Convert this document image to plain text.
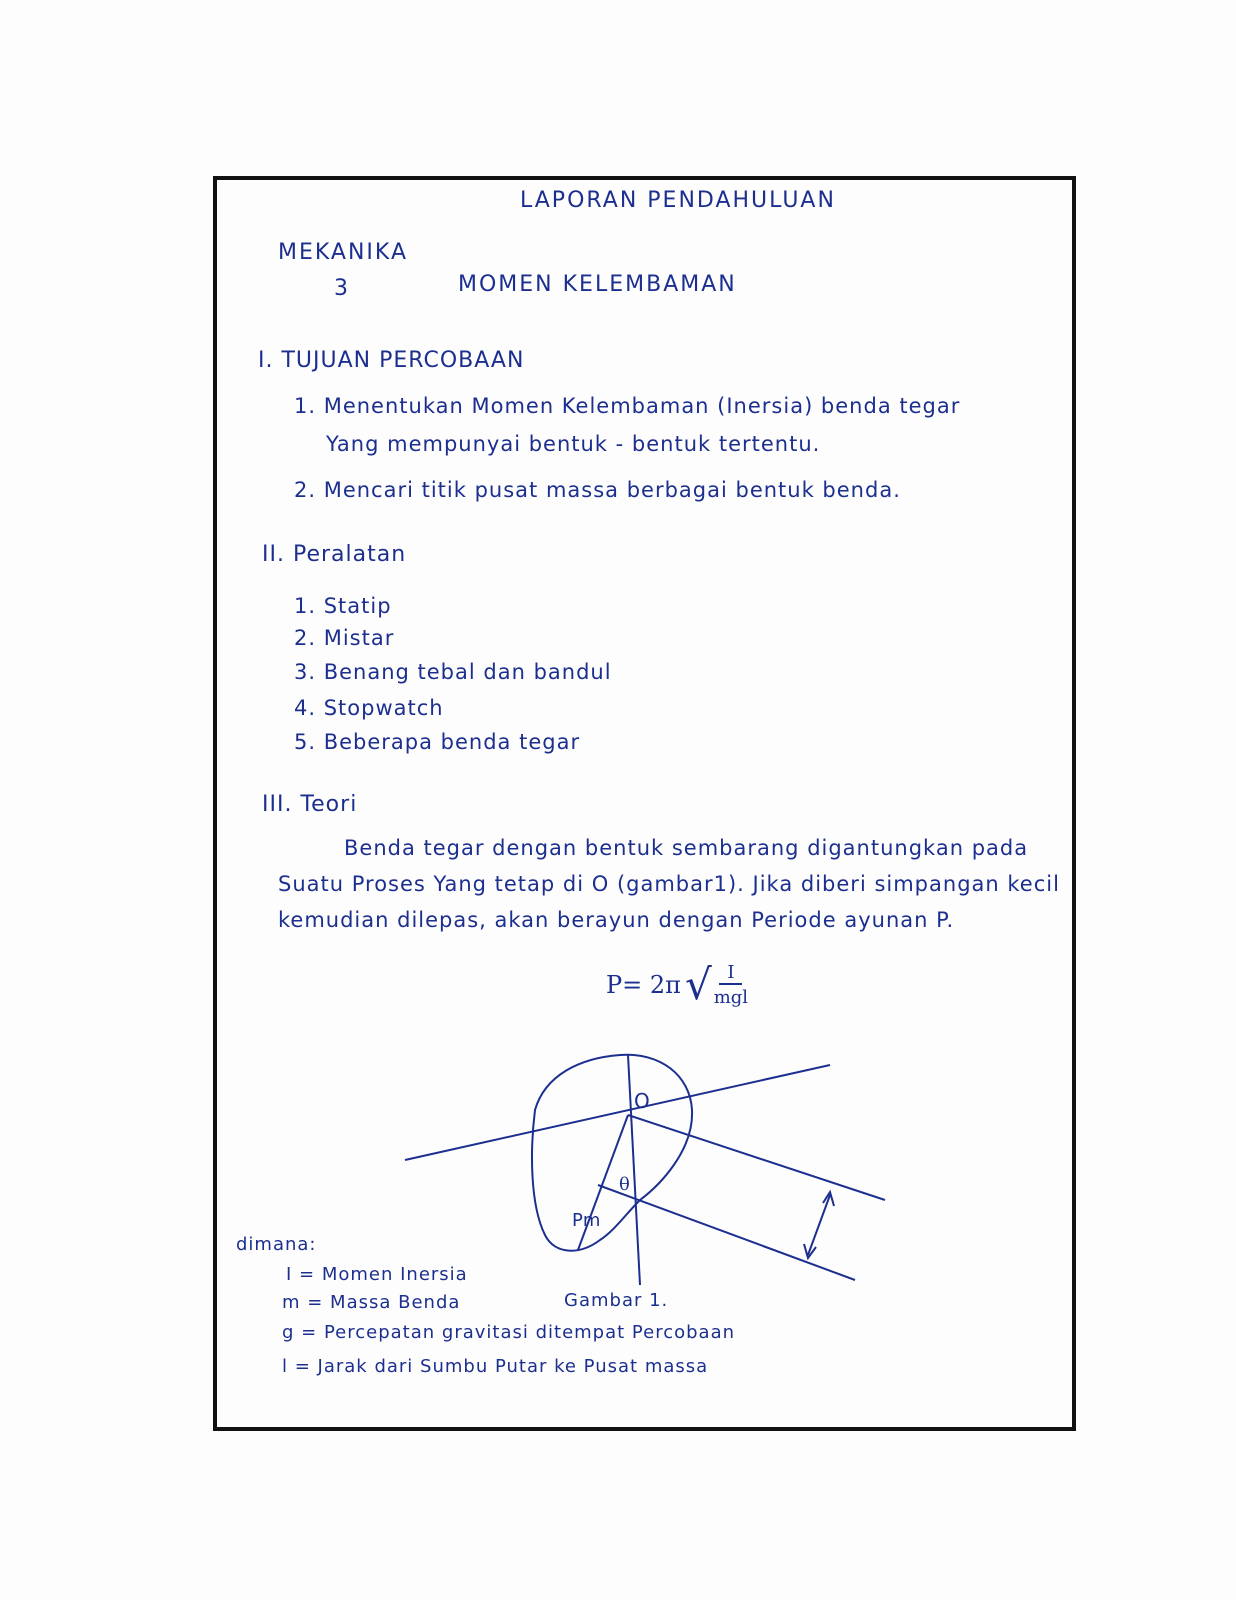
LAPORAN PENDAHULUAN
MEKANIKA
3	MOMEN KELEMBAMAN
I. TUJUAN PERCOBAAN
1. Menentukan Momen Kelembaman (Inersia) benda tegar
Yang mempunyai bentuk - bentuk tertentu.
2. Mencari titik pusat massa berbagai bentuk benda.
II. Peralatan
1. Statip
2. Mistar
3. Benang tebal dan bandul
4. Stopwatch
5. Beberapa benda tegar
III. Teori
Benda tegar dengan bentuk sembarang digantungkan pada
Suatu Proses Yang tetap di O (gambar1). Jika diberi simpangan kecil
kemudian dilepas, akan berayun dengan Periode ayunan P.
P= 2π √ $\frac{I}{\text{mgl}}$
O
θ
Pm
Gambar 1.
dimana:
I = Momen Inersia
m = Massa Benda
g = Percepatan gravitasi ditempat Percobaan
l = Jarak dari Sumbu Putar ke Pusat massa
